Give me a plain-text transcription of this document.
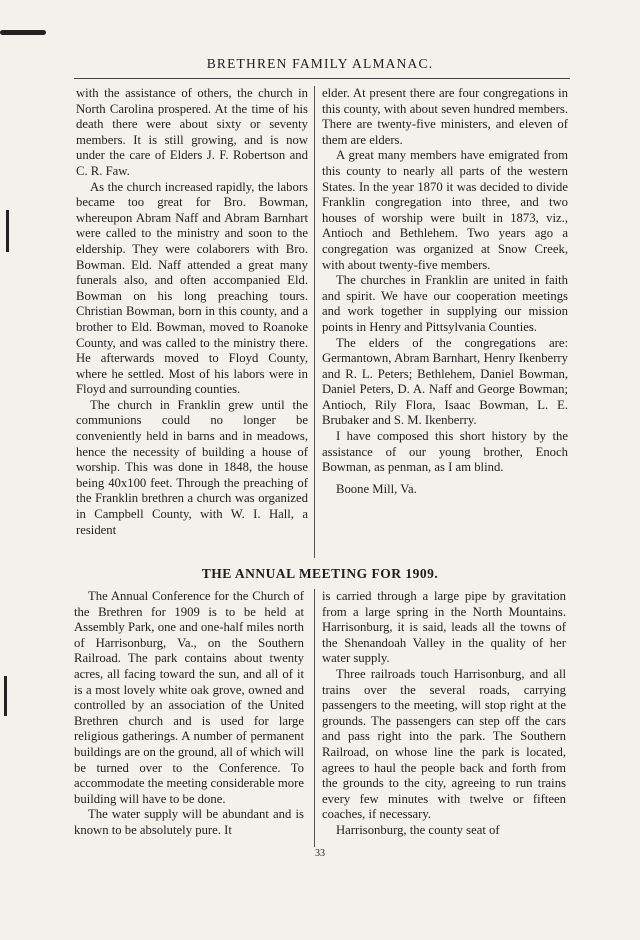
BRETHREN FAMILY ALMANAC.

with the assistance of others, the church in North Carolina prospered. At the time of his death there were about sixty or seventy members. It is still growing, and is now under the care of Elders J. F. Robertson and C. R. Faw.

As the church increased rapidly, the labors became too great for Bro. Bowman, whereupon Abram Naff and Abram Barnhart were called to the ministry and soon to the eldership. They were colaborers with Bro. Bowman. Eld. Naff attended a great many funerals also, and often accompanied Eld. Bowman on his long preaching tours. Christian Bowman, born in this county, and a brother to Eld. Bowman, moved to Roanoke County, and was called to the ministry there. He afterwards moved to Floyd County, where he settled. Most of his labors were in Floyd and surrounding counties.

The church in Franklin grew until the communions could no longer be conveniently held in barns and in meadows, hence the necessity of building a house of worship. This was done in 1848, the house being 40x100 feet. Through the preaching of the Franklin brethren a church was organized in Campbell County, with W. I. Hall, a resident

elder. At present there are four congregations in this county, with about seven hundred members. There are twenty-five ministers, and eleven of them are elders.

A great many members have emigrated from this county to nearly all parts of the western States. In the year 1870 it was decided to divide Franklin congregation into three, and two houses of worship were built in 1873, viz., Antioch and Bethlehem. Two years ago a congregation was organized at Snow Creek, with about twenty-five members.

The churches in Franklin are united in faith and spirit. We have our cooperation meetings and work together in supplying our mission points in Henry and Pittsylvania Counties.

The elders of the congregations are: Germantown, Abram Barnhart, Henry Ikenberry and R. L. Peters; Bethlehem, Daniel Bowman, Daniel Peters, D. A. Naff and George Bowman; Antioch, Rily Flora, Isaac Bowman, L. E. Brubaker and S. M. Ikenberry.

I have composed this short history by the assistance of our young brother, Enoch Bowman, as penman, as I am blind.

Boone Mill, Va.

THE ANNUAL MEETING FOR 1909.

The Annual Conference for the Church of the Brethren for 1909 is to be held at Assembly Park, one and one-half miles north of Harrisonburg, Va., on the Southern Railroad. The park contains about twenty acres, all facing toward the sun, and all of it is a most lovely white oak grove, owned and controlled by an association of the United Brethren church and is used for large religious gatherings. A number of permanent buildings are on the ground, all of which will be turned over to the Conference. To accommodate the meeting considerable more building will have to be done.

The water supply will be abundant and is known to be absolutely pure. It

is carried through a large pipe by gravitation from a large spring in the North Mountains. Harrisonburg, it is said, leads all the towns of the Shenandoah Valley in the quality of her water supply.

Three railroads touch Harrisonburg, and all trains over the several roads, carrying passengers to the meeting, will stop right at the grounds. The passengers can step off the cars and pass right into the park. The Southern Railroad, on whose line the park is located, agrees to haul the people back and forth from the grounds to the city, agreeing to run trains every few minutes with twelve or fifteen coaches, if necessary.

Harrisonburg, the county seat of

33
